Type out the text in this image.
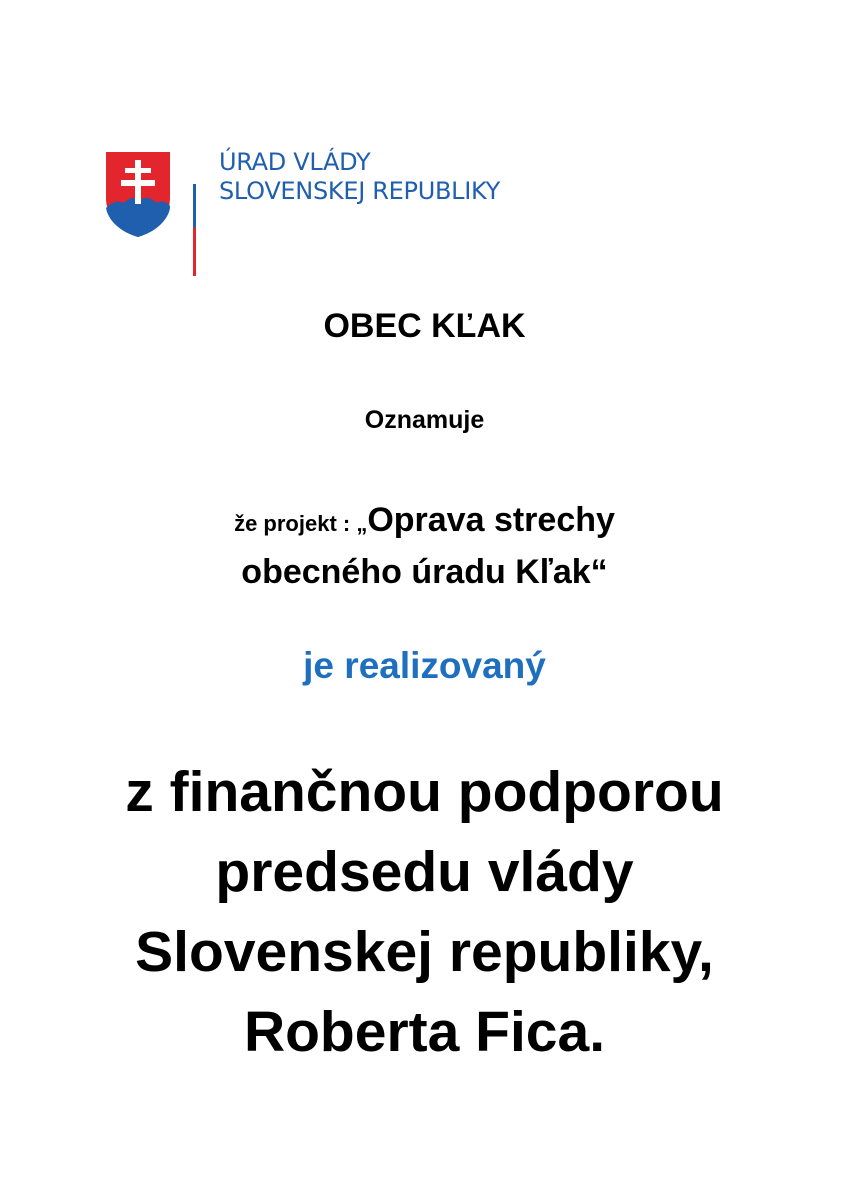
ÚRAD VLÁDY
SLOVENSKEJ REPUBLIKY
OBEC KĽAK
Oznamuje
že projekt : „Oprava strechy
obecného úradu Kľak“
je realizovaný
z finančnou podporou
predsedu vlády
Slovenskej republiky,
Roberta Fica.
